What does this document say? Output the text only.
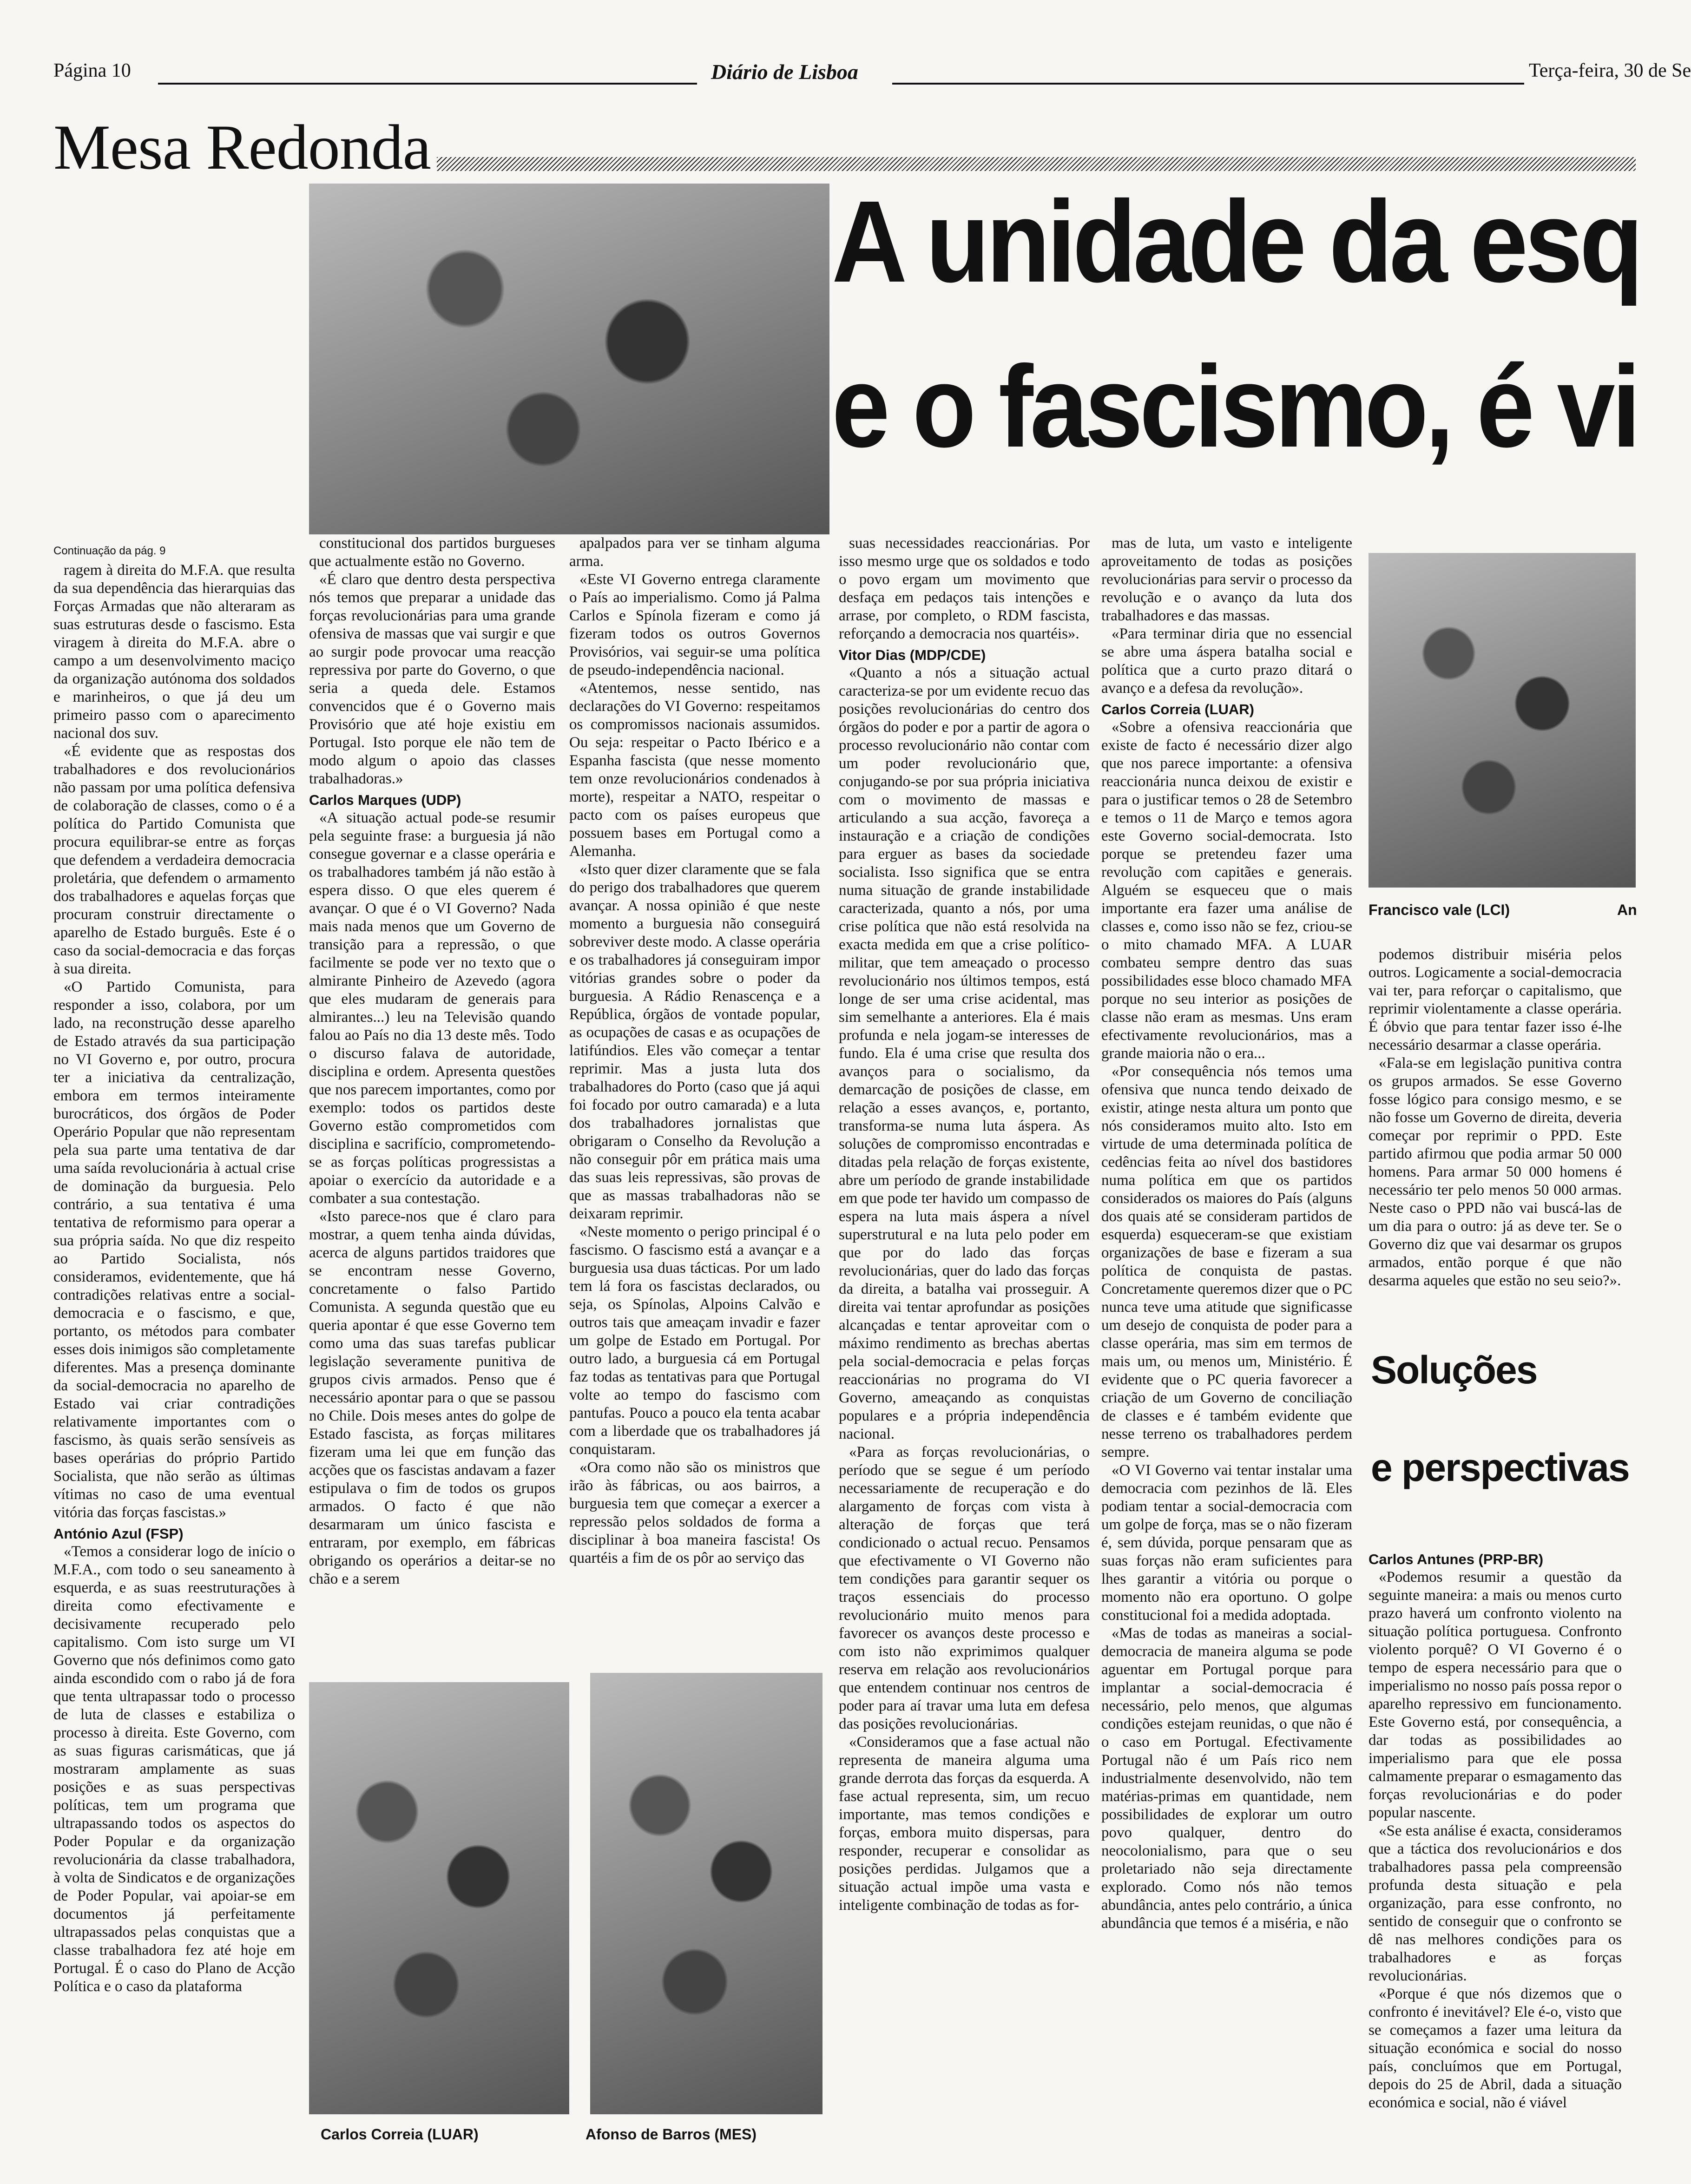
Página 10	Diário de Lisboa	Terça-feira, 30 de Se
Mesa Redonda
A unidade da esq
e o fascismo, é vi
Continuação da pág. 9

ragem à direita do M.F.A. que resulta da sua dependência das hierarquias das Forças Armadas que não alteraram as suas estruturas desde o fascismo. Esta viragem à direita do M.F.A. abre o campo a um desenvolvimento maciço da organização autónoma dos soldados e marinheiros, o que já deu um primeiro passo com o aparecimento nacional dos suv.

«É evidente que as respostas dos trabalhadores e dos revolucionários não passam por uma política defensiva de colaboração de classes, como o é a política do Partido Comunista que procura equilibrar-se entre as forças que defendem a verdadeira democracia proletária, que defendem o armamento dos trabalhadores e aquelas forças que procuram construir directamente o aparelho de Estado burguês. Este é o caso da social-democracia e das forças à sua direita.

«O Partido Comunista, para responder a isso, colabora, por um lado, na reconstrução desse aparelho de Estado através da sua participação no VI Governo e, por outro, procura ter a iniciativa da centralização, embora em termos inteiramente burocráticos, dos órgãos de Poder Operário Popular que não representam pela sua parte uma tentativa de dar uma saída revolucionária à actual crise de dominação da burguesia. Pelo contrário, a sua tentativa é uma tentativa de reformismo para operar a sua própria saída. No que diz respeito ao Partido Socialista, nós consideramos, evidentemente, que há contradições relativas entre a social-democracia e o fascismo, e que, portanto, os métodos para combater esses dois inimigos são completamente diferentes. Mas a presença dominante da social-democracia no aparelho de Estado vai criar contradições relativamente importantes com o fascismo, às quais serão sensíveis as bases operárias do próprio Partido Socialista, que não serão as últimas vítimas no caso de uma eventual vitória das forças fascistas.»

António Azul (FSP)

«Temos a considerar logo de início o M.F.A., com todo o seu saneamento à esquerda, e as suas reestruturações à direita como efectivamente e decisivamente recuperado pelo capitalismo. Com isto surge um VI Governo que nós definimos como gato ainda escondido com o rabo já de fora que tenta ultrapassar todo o processo de luta de classes e estabiliza o processo à direita. Este Governo, com as suas figuras carismáticas, que já mostraram amplamente as suas posições e as suas perspectivas políticas, tem um programa que ultrapassando todos os aspectos do Poder Popular e da organização revolucionária da classe trabalhadora, à volta de Sindicatos e de organizações de Poder Popular, vai apoiar-se em documentos já perfeitamente ultrapassados pelas conquistas que a classe trabalhadora fez até hoje em Portugal. É o caso do Plano de Acção Política e o caso da plataforma

constitucional dos partidos burgueses que actualmente estão no Governo.

«É claro que dentro desta perspectiva nós temos que preparar a unidade das forças revolucionárias para uma grande ofensiva de massas que vai surgir e que ao surgir pode provocar uma reacção repressiva por parte do Governo, o que seria a queda dele. Estamos convencidos que é o Governo mais Provisório que até hoje existiu em Portugal. Isto porque ele não tem de modo algum o apoio das classes trabalhadoras.»

Carlos Marques (UDP)

«A situação actual pode-se resumir pela seguinte frase: a burguesia já não consegue governar e a classe operária e os trabalhadores também já não estão à espera disso. O que eles querem é avançar. O que é o VI Governo? Nada mais nada menos que um Governo de transição para a repressão, o que facilmente se pode ver no texto que o almirante Pinheiro de Azevedo (agora que eles mudaram de generais para almirantes...) leu na Televisão quando falou ao País no dia 13 deste mês. Todo o discurso falava de autoridade, disciplina e ordem. Apresenta questões que nos parecem importantes, como por exemplo: todos os partidos deste Governo estão comprometidos com disciplina e sacrifício, comprometendo-se as forças políticas progressistas a apoiar o exercício da autoridade e a combater a sua contestação.

«Isto parece-nos que é claro para mostrar, a quem tenha ainda dúvidas, acerca de alguns partidos traidores que se encontram nesse Governo, concretamente o falso Partido Comunista. A segunda questão que eu queria apontar é que esse Governo tem como uma das suas tarefas publicar legislação severamente punitiva de grupos civis armados. Penso que é necessário apontar para o que se passou no Chile. Dois meses antes do golpe de Estado fascista, as forças militares fizeram uma lei que em função das acções que os fascistas andavam a fazer estipulava o fim de todos os grupos armados. O facto é que não desarmaram um único fascista e entraram, por exemplo, em fábricas obrigando os operários a deitar-se no chão e a serem

apalpados para ver se tinham alguma arma.

«Este VI Governo entrega claramente o País ao imperialismo. Como já Palma Carlos e Spínola fizeram e como já fizeram todos os outros Governos Provisórios, vai seguir-se uma política de pseudo-independência nacional.

«Atentemos, nesse sentido, nas declarações do VI Governo: respeitamos os compromissos nacionais assumidos. Ou seja: respeitar o Pacto Ibérico e a Espanha fascista (que nesse momento tem onze revolucionários condenados à morte), respeitar a NATO, respeitar o pacto com os países europeus que possuem bases em Portugal como a Alemanha.

«Isto quer dizer claramente que se fala do perigo dos trabalhadores que querem avançar. A nossa opinião é que neste momento a burguesia não conseguirá sobreviver deste modo. A classe operária e os trabalhadores já conseguiram impor vitórias grandes sobre o poder da burguesia. A Rádio Renascença e a República, órgãos de vontade popular, as ocupações de casas e as ocupações de latifúndios. Eles vão começar a tentar reprimir. Mas a justa luta dos trabalhadores do Porto (caso que já aqui foi focado por outro camarada) e a luta dos trabalhadores jornalistas que obrigaram o Conselho da Revolução a não conseguir pôr em prática mais uma das suas leis repressivas, são provas de que as massas trabalhadoras não se deixaram reprimir.

«Neste momento o perigo principal é o fascismo. O fascismo está a avançar e a burguesia usa duas tácticas. Por um lado tem lá fora os fascistas declarados, ou seja, os Spínolas, Alpoins Calvão e outros tais que ameaçam invadir e fazer um golpe de Estado em Portugal. Por outro lado, a burguesia cá em Portugal faz todas as tentativas para que Portugal volte ao tempo do fascismo com pantufas. Pouco a pouco ela tenta acabar com a liberdade que os trabalhadores já conquistaram.

«Ora como não são os ministros que irão às fábricas, ou aos bairros, a burguesia tem que começar a exercer a repressão pelos soldados de forma a disciplinar à boa maneira fascista! Os quartéis a fim de os pôr ao serviço das

suas necessidades reaccionárias. Por isso mesmo urge que os soldados e todo o povo ergam um movimento que desfaça em pedaços tais intenções e arrase, por completo, o RDM fascista, reforçando a democracia nos quartéis».

Vitor Dias (MDP/CDE)

«Quanto a nós a situação actual caracteriza-se por um evidente recuo das posições revolucionárias do centro dos órgãos do poder e por a partir de agora o processo revolucionário não contar com um poder revolucionário que, conjugando-se por sua própria iniciativa com o movimento de massas e articulando a sua acção, favoreça a instauração e a criação de condições para erguer as bases da sociedade socialista. Isso significa que se entra numa situação de grande instabilidade caracterizada, quanto a nós, por uma crise política que não está resolvida na exacta medida em que a crise político-militar, que tem ameaçado o processo revolucionário nos últimos tempos, está longe de ser uma crise acidental, mas sim semelhante a anteriores. Ela é mais profunda e nela jogam-se interesses de fundo. Ela é uma crise que resulta dos avanços para o socialismo, da demarcação de posições de classe, em relação a esses avanços, e, portanto, transforma-se numa luta áspera. As soluções de compromisso encontradas e ditadas pela relação de forças existente, abre um período de grande instabilidade em que pode ter havido um compasso de espera na luta mais áspera a nível superstrutural e na luta pelo poder em que por do lado das forças revolucionárias, quer do lado das forças da direita, a batalha vai prosseguir. A direita vai tentar aprofundar as posições alcançadas e tentar aproveitar com o máximo rendimento as brechas abertas pela social-democracia e pelas forças reaccionárias no programa do VI Governo, ameaçando as conquistas populares e a própria independência nacional.

«Para as forças revolucionárias, o período que se segue é um período necessariamente de recuperação e do alargamento de forças com vista à alteração de forças que terá condicionado o actual recuo. Pensamos que efectivamente o VI Governo não tem condições para garantir sequer os traços essenciais do processo revolucionário muito menos para favorecer os avanços deste processo e com isto não exprimimos qualquer reserva em relação aos revolucionários que entendem continuar nos centros de poder para aí travar uma luta em defesa das posições revolucionárias.

«Consideramos que a fase actual não representa de maneira alguma uma grande derrota das forças da esquerda. A fase actual representa, sim, um recuo importante, mas temos condições e forças, embora muito dispersas, para responder, recuperar e consolidar as posições perdidas. Julgamos que a situação actual impõe uma vasta e inteligente combinação de todas as for-

mas de luta, um vasto e inteligente aproveitamento de todas as posições revolucionárias para servir o processo da revolução e o avanço da luta dos trabalhadores e das massas.

«Para terminar diria que no essencial se abre uma áspera batalha social e política que a curto prazo ditará o avanço e a defesa da revolução».

Carlos Correia (LUAR)

«Sobre a ofensiva reaccionária que existe de facto é necessário dizer algo que nos parece importante: a ofensiva reaccionária nunca deixou de existir e para o justificar temos o 28 de Setembro e temos o 11 de Março e temos agora este Governo social-democrata. Isto porque se pretendeu fazer uma revolução com capitães e generais. Alguém se esqueceu que o mais importante era fazer uma análise de classes e, como isso não se fez, criou-se o mito chamado MFA. A LUAR combateu sempre dentro das suas possibilidades esse bloco chamado MFA porque no seu interior as posições de classe não eram as mesmas. Uns eram efectivamente revolucionários, mas a grande maioria não o era...

«Por consequência nós temos uma ofensiva que nunca tendo deixado de existir, atinge nesta altura um ponto que nós consideramos muito alto. Isto em virtude de uma determinada política de cedências feita ao nível dos bastidores numa política em que os partidos considerados os maiores do País (alguns dos quais até se consideram partidos de esquerda) esqueceram-se que existiam organizações de base e fizeram a sua política de conquista de pastas. Concretamente queremos dizer que o PC nunca teve uma atitude que significasse um desejo de conquista de poder para a classe operária, mas sim em termos de mais um, ou menos um, Ministério. É evidente que o PC queria favorecer a criação de um Governo de conciliação de classes e é também evidente que nesse terreno os trabalhadores perdem sempre.

«O VI Governo vai tentar instalar uma democracia com pezinhos de lã. Eles podiam tentar a social-democracia com um golpe de força, mas se o não fizeram é, sem dúvida, porque pensaram que as suas forças não eram suficientes para lhes garantir a vitória ou porque o momento não era oportuno. O golpe constitucional foi a medida adoptada.

«Mas de todas as maneiras a social-democracia de maneira alguma se pode aguentar em Portugal porque para implantar a social-democracia é necessário, pelo menos, que algumas condições estejam reunidas, o que não é o caso em Portugal. Efectivamente Portugal não é um País rico nem industrialmente desenvolvido, não tem matérias-primas em quantidade, nem possibilidades de explorar um outro povo qualquer, dentro do neocolonialismo, para que o seu proletariado não seja directamente explorado. Como nós não temos abundância, antes pelo contrário, a única abundância que temos é a miséria, e não

podemos distribuir miséria pelos outros. Logicamente a social-democracia vai ter, para reforçar o capitalismo, que reprimir violentamente a classe operária. É óbvio que para tentar fazer isso é-lhe necessário desarmar a classe operária.

«Fala-se em legislação punitiva contra os grupos armados. Se esse Governo fosse lógico para consigo mesmo, e se não fosse um Governo de direita, deveria começar por reprimir o PPD. Este partido afirmou que podia armar 50 000 homens. Para armar 50 000 homens é necessário ter pelo menos 50 000 armas. Neste caso o PPD não vai buscá-las de um dia para o outro: já as deve ter. Se o Governo diz que vai desarmar os grupos armados, então porque é que não desarma aqueles que estão no seu seio?».

Carlos Antunes (PRP-BR)

«Podemos resumir a questão da seguinte maneira: a mais ou menos curto prazo haverá um confronto violento na situação política portuguesa. Confronto violento porquê? O VI Governo é o tempo de espera necessário para que o imperialismo no nosso país possa repor o aparelho repressivo em funcionamento. Este Governo está, por consequência, a dar todas as possibilidades ao imperialismo para que ele possa calmamente preparar o esmagamento das forças revolucionárias e do poder popular nascente.

«Se esta análise é exacta, consideramos que a táctica dos revolucionários e dos trabalhadores passa pela compreensão profunda desta situação e pela organização, para esse confronto, no sentido de conseguir que o confronto se dê nas melhores condições para os trabalhadores e as forças revolucionárias.

«Porque é que nós dizemos que o confronto é inevitável? Ele é-o, visto que se começamos a fazer uma leitura da situação económica e social do nosso país, concluímos que em Portugal, depois do 25 de Abril, dada a situação económica e social, não é viável

Carlos Correia (LUAR)	Afonso de Barros (MES)
Francisco vale (LCI)	An
Soluções
e perspectivas
